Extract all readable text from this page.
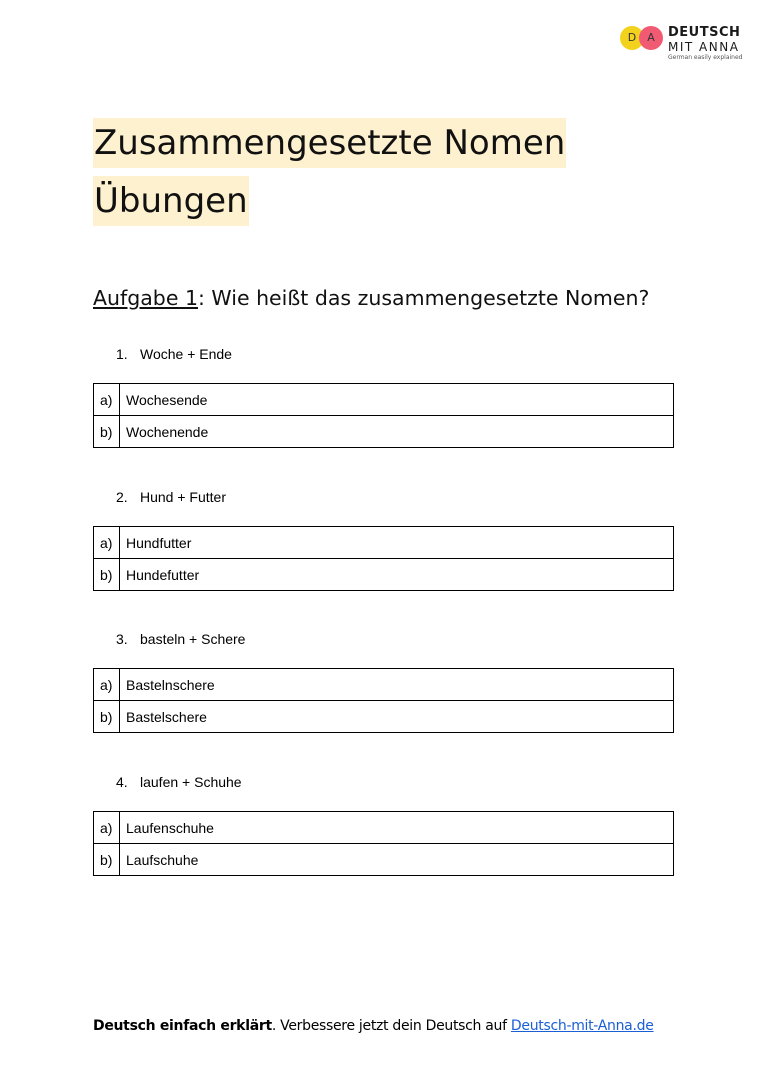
D	A	DEUTSCH
MIT ANNA
German easily explained
Zusammengesetzte Nomen
Übungen
Aufgabe 1: Wie heißt das zusammengesetzte Nomen?
1. Woche + Ende
a)	Wochesende
b)	Wochenende
2. Hund + Futter
a)	Hundfutter
b)	Hundefutter
3. basteln + Schere
a)	Bastelnschere
b)	Bastelschere
4. laufen + Schuhe
a)	Laufenschuhe
b)	Laufschuhe
Deutsch einfach erklärt. Verbessere jetzt dein Deutsch auf Deutsch-mit-Anna.de
